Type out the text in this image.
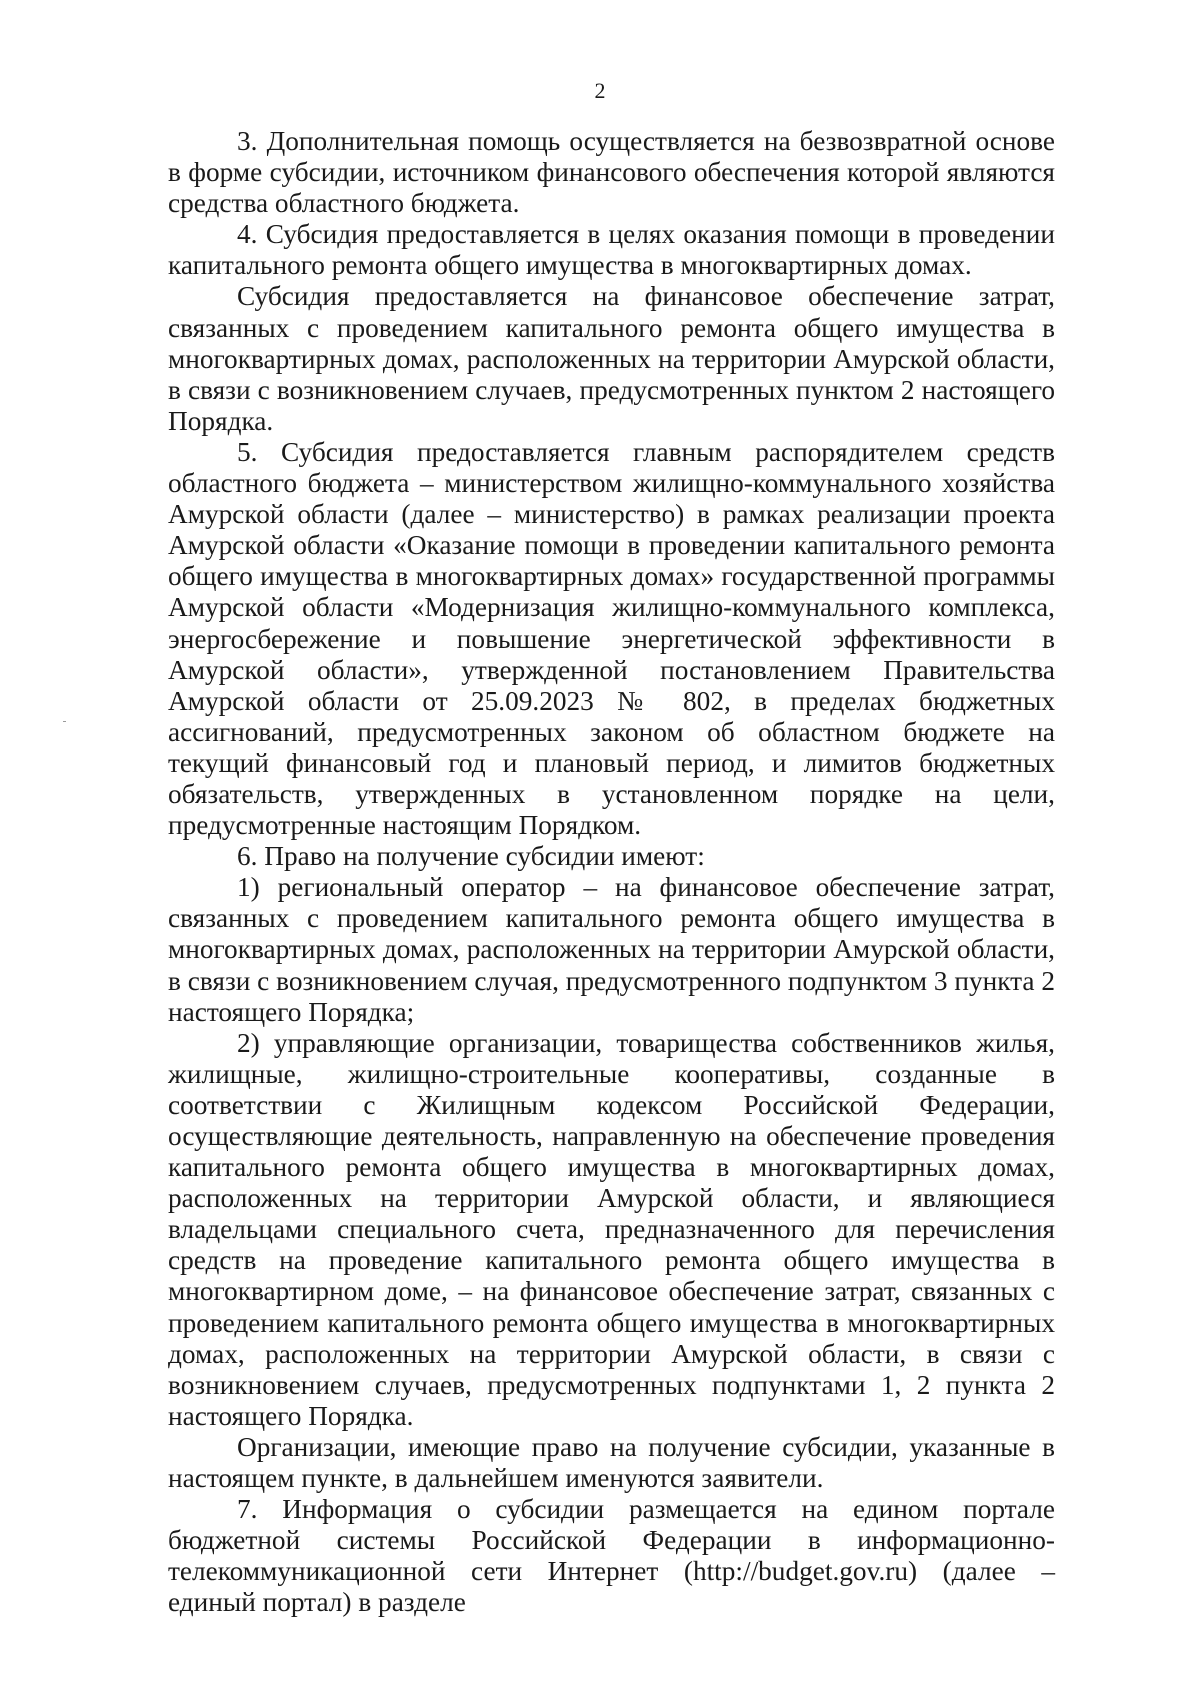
2

3. Дополнительная помощь осуществляется на безвозвратной основе в форме субсидии, источником финансового обеспечения которой являются средства областного бюджета.

4. Субсидия предоставляется в целях оказания помощи в проведении капитального ремонта общего имущества в многоквартирных домах.

Субсидия предоставляется на финансовое обеспечение затрат, связанных с проведением капитального ремонта общего имущества в многоквартирных домах, расположенных на территории Амурской области, в связи с возникновением случаев, предусмотренных пунктом 2 настоящего Порядка.

5. Субсидия предоставляется главным распорядителем средств областного бюджета – министерством жилищно-коммунального хозяйства Амурской области (далее – министерство) в рамках реализации проекта Амурской области «Оказание помощи в проведении капитального ремонта общего имущества в многоквартирных домах» государственной программы Амурской области «Модернизация жилищно-коммунального комплекса, энергосбережение и повышение энергетической эффективности в Амурской области», утвержденной постановлением Правительства Амурской области от 25.09.2023 № 802, в пределах бюджетных ассигнований, предусмотренных законом об областном бюджете на текущий финансовый год и плановый период, и лимитов бюджетных обязательств, утвержденных в установленном порядке на цели, предусмотренные настоящим Порядком.

6. Право на получение субсидии имеют:

1) региональный оператор – на финансовое обеспечение затрат, связанных с проведением капитального ремонта общего имущества в многоквартирных домах, расположенных на территории Амурской области, в связи с возникновением случая, предусмотренного подпунктом 3 пункта 2 настоящего Порядка;

2) управляющие организации, товарищества собственников жилья, жилищные, жилищно-строительные кооперативы, созданные в соответствии с Жилищным кодексом Российской Федерации, осуществляющие деятельность, направленную на обеспечение проведения капитального ремонта общего имущества в многоквартирных домах, расположенных на территории Амурской области, и являющиеся владельцами специального счета, предназначенного для перечисления средств на проведение капитального ремонта общего имущества в многоквартирном доме, – на финансовое обеспечение затрат, связанных с проведением капитального ремонта общего имущества в многоквартирных домах, расположенных на территории Амурской области, в связи с возникновением случаев, предусмотренных подпунктами 1, 2 пункта 2 настоящего Порядка.

Организации, имеющие право на получение субсидии, указанные в настоящем пункте, в дальнейшем именуются заявители.

7. Информация о субсидии размещается на едином портале бюджетной системы Российской Федерации в информационно-телекоммуникационной сети Интернет (http://budget.gov.ru) (далее – единый портал) в разделе
